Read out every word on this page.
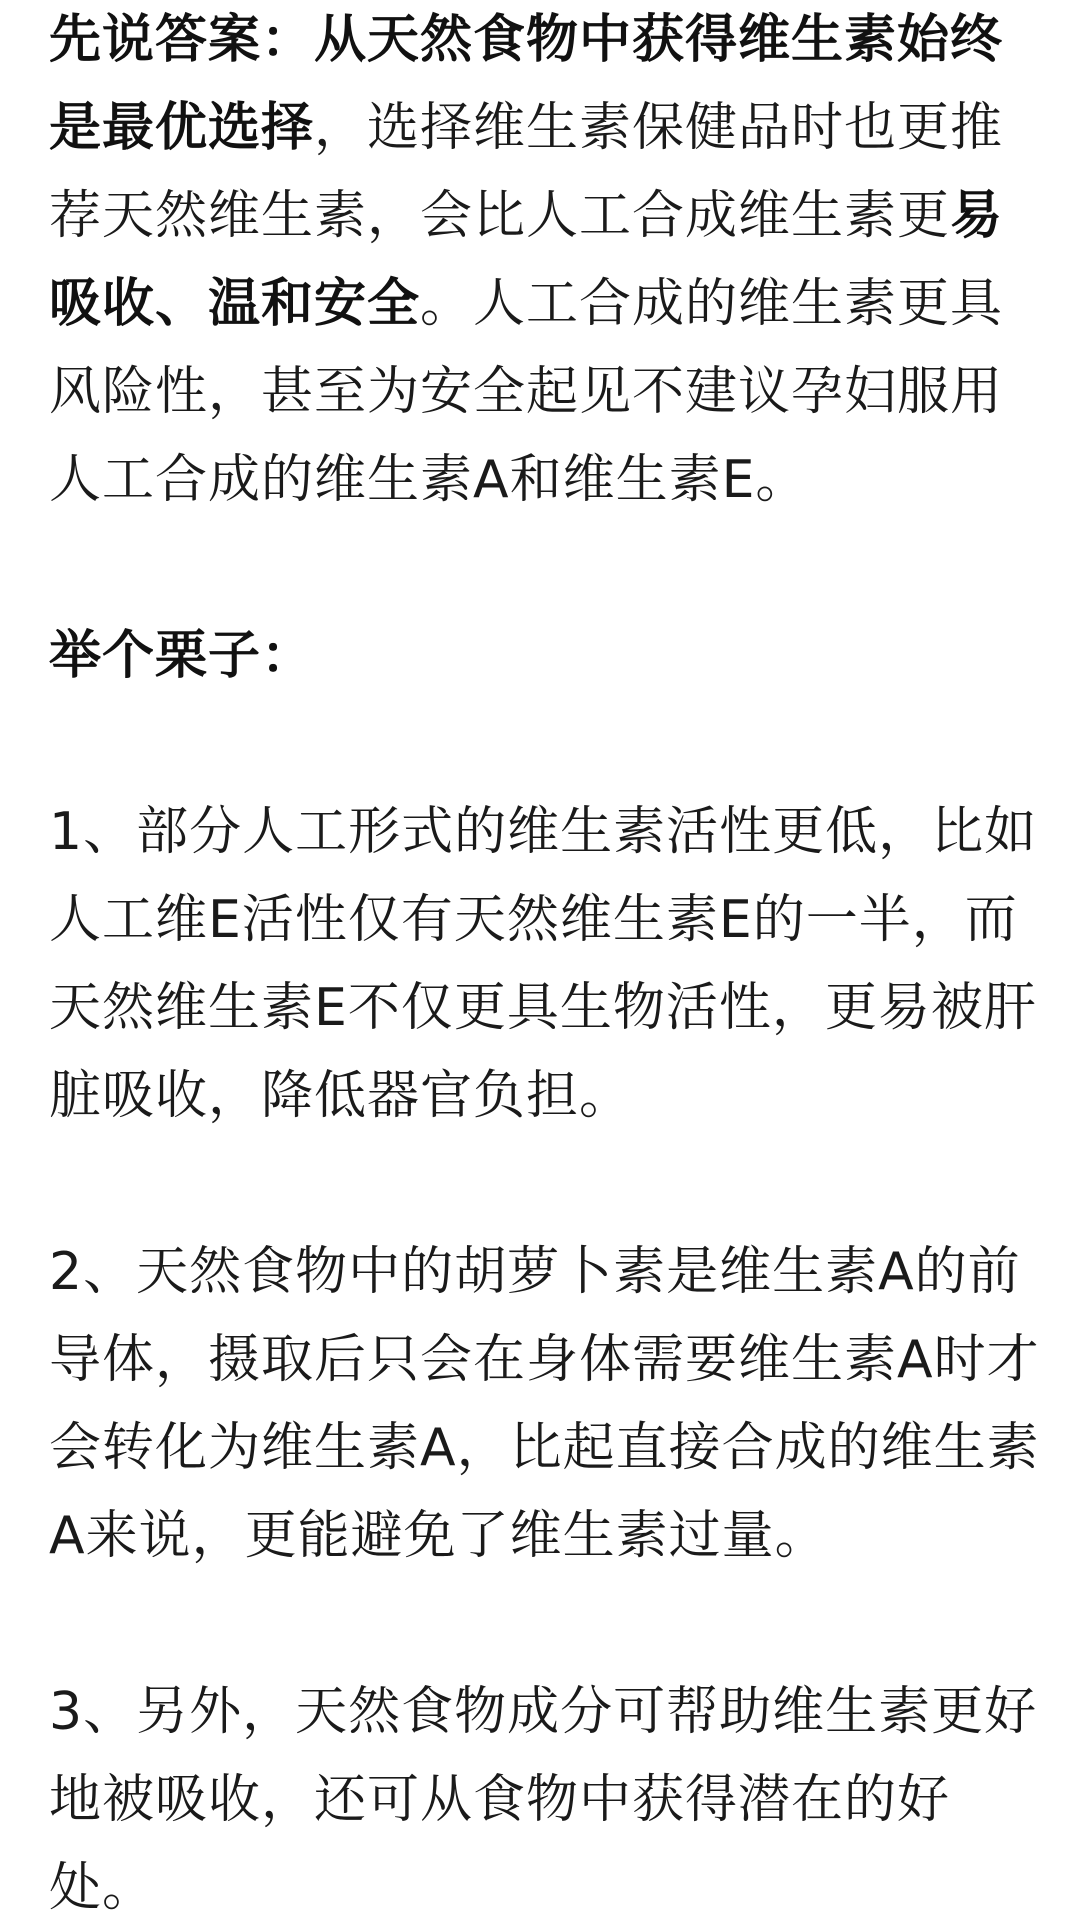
先说答案：从天然食物中获得维生素始终是最优选择，选择维生素保健品时也更推荐天然维生素，会比人工合成维生素更易吸收、温和安全。人工合成的维生素更具风险性，甚至为安全起见不建议孕妇服用人工合成的维生素A和维生素E。

举个栗子：

1、部分人工形式的维生素活性更低，比如人工维E活性仅有天然维生素E的一半，而天然维生素E不仅更具生物活性，更易被肝脏吸收，降低器官负担。

2、天然食物中的胡萝卜素是维生素A的前导体，摄取后只会在身体需要维生素A时才会转化为维生素A，比起直接合成的维生素A来说，更能避免了维生素过量。

3、另外，天然食物成分可帮助维生素更好地被吸收，还可从食物中获得潜在的好处。
